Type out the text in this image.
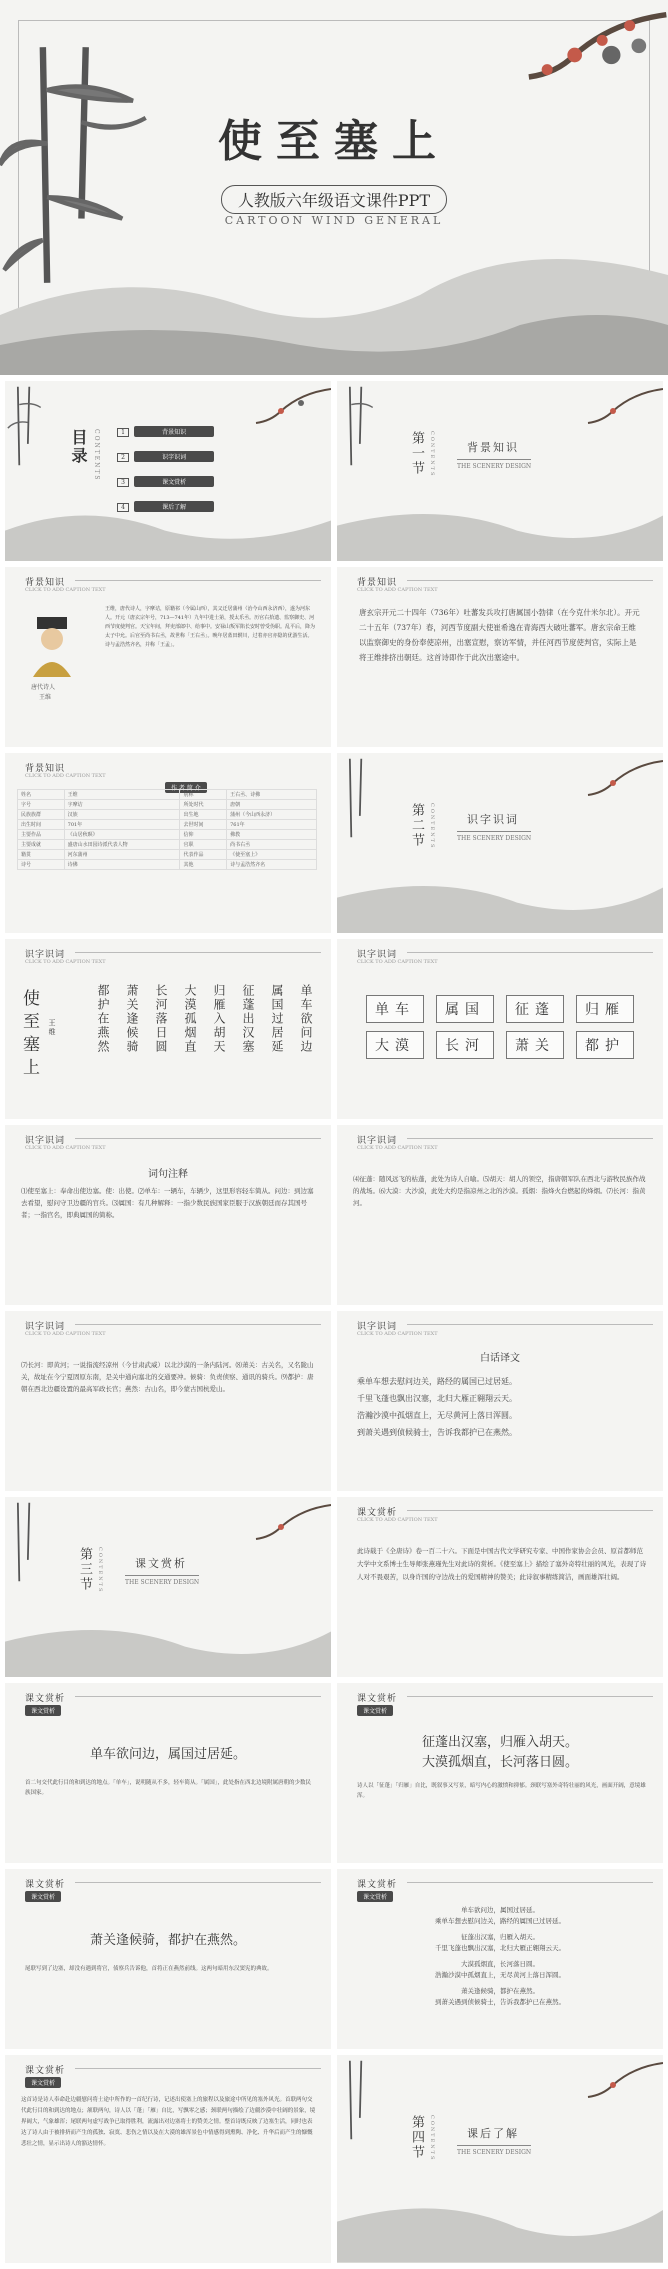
使至塞上
人教版六年级语文课件PPT
CARTOON WIND GENERAL
目录 CONTENTS	1	背景知识
2	识字识词
3	课文赏析
4	课后了解
第一节	CONTENTS	背景知识
THE SCENERY DESIGN
背景知识
CLICK TO ADD CAPTION TEXT
唐代诗人
王维
王维，唐代诗人，字摩诘，原籍祁（今属山西），其父迁居蒲州（治今山西永济西），遂为河东人。开元（唐玄宗年号，713—741年）九年中进士第，授太乐丞。历官右拾遗、监察御史、河西节度使判官。天宝年间，拜吏部郎中、给事中。安禄山叛军陷长安时曾受伪职。乱平后，降为太子中允。后官至尚书右丞，故世称「王右丞」。晚年居蓝田辋川，过着亦官亦隐的优游生活。诗与孟浩然齐名，并称「王孟」。
背景知识
CLICK TO ADD CAPTION TEXT
唐玄宗开元二十四年（736年）吐蕃发兵攻打唐属国小勃律（在今克什米尔北）。开元二十五年（737年）春，河西节度副大使崔希逸在青海西大破吐蕃军。唐玄宗命王维以监察御史的身份奉使凉州，出塞宣慰，察访军情，并任河西节度使判官，实际上是将王维排挤出朝廷。这首诗即作于此次出塞途中。
背景知识
CLICK TO ADD CAPTION TEXT
作 者 简 介
姓名	王维	别称	王右丞、诗佛
字号	字摩诘	所处时代	唐朝
民族族群	汉族	出生地	蒲州（今山西永济）
出生时间	701年	去世时间	761年
主要作品	《山居秋暝》	信仰	佛教
主要成就	盛唐山水田园诗派代表人物	官职	尚书右丞
籍贯	河东蒲州	代表作品	《使至塞上》
诗号	诗佛	其他	诗与孟浩然齐名
第二节	CONTENTS	识字识词
THE SCENERY DESIGN
识字识词
CLICK TO ADD CAPTION TEXT
使至塞上	王维	单车欲问边
属国过居延
征蓬出汉塞
归雁入胡天
大漠孤烟直
长河落日圆
萧关逢候骑
都护在燕然
识字识词
CLICK TO ADD CAPTION TEXT
单车 属国 征蓬 归雁 大漠 长河 萧关 都护
识字识词
CLICK TO ADD CAPTION TEXT
词句注释
⑴使至塞上：奉命出使边塞。使：出使。⑵单车：一辆车，车辆少，这里形容轻车简从。问边：到边塞去看望，慰问守卫边疆的官兵。⑶属国：有几种解释：一指少数民族国家臣服于汉族朝廷而存其国号者；一指官名，即典属国的简称。
识字识词
CLICK TO ADD CAPTION TEXT
⑷征蓬：随风远飞的枯蓬，此处为诗人自喻。⑸胡天：胡人的领空，指唐朝军队在西北与游牧民族作战的战场。⑹大漠：大沙漠，此处大约是指凉州之北的沙漠。孤烟：指烽火台燃起的烽烟。⑺长河：指黄河。
识字识词
CLICK TO ADD CAPTION TEXT
⑺长河：即黄河；一说指流经凉州（今甘肃武威）以北沙漠的一条内陆河。⑻萧关：古关名，又名陇山关，故址在今宁夏固原东南，是关中通向塞北的交通要冲。候骑：负责侦察、通讯的骑兵。⑼都护：唐朝在西北边疆设置的最高军政长官；燕然：古山名，即今蒙古国杭爱山。
识字识词
CLICK TO ADD CAPTION TEXT
白话译文
乘单车想去慰问边关，路经的属国已过居延。
千里飞蓬也飘出汉塞，北归大雁正翱翔云天。
浩瀚沙漠中孤烟直上，无尽黄河上落日浑圆。
到萧关遇到侦候骑士，告诉我都护已在燕然。
第三节	CONTENTS	课文赏析
THE SCENERY DESIGN
课文赏析
CLICK TO ADD CAPTION TEXT
此诗载于《全唐诗》卷一百二十六。下面是中国古代文学研究专家、中国作家协会会员、原首都师范大学中文系博士生导师张燕瑾先生对此诗的赏析。《使至塞上》描绘了塞外奇特壮丽的风光，表现了诗人对不畏艰苦，以身许国的守边战士的爱国精神的赞美；此诗叙事精练简洁，画面雄浑壮阔。
课文赏析
课文赏析
单车欲问边，属国过居延。
首二句交代此行目的和到达的地点。「单车」，说明随从不多，轻车简从。「属国」，此处指在西北边境附属唐朝的少数民族国家。
课文赏析
课文赏析
征蓬出汉塞，归雁入胡天。
大漠孤烟直，长河落日圆。
诗人以「征蓬」「归雁」自比，既叙事又写景，暗写内心的激愤和抑郁。颈联写塞外奇特壮丽的风光，画面开阔，意境雄浑。
课文赏析
课文赏析
萧关逢候骑，都护在燕然。
尾联写到了边塞，却没有遇到将官，侦察兵告诉他，首将正在燕然前线。这两句暗用东汉窦宪的典故。
课文赏析
课文赏析
单车欲问边，属国过居延。
乘单车想去慰问边关，路经的属国已过居延。
征蓬出汉塞，归雁入胡天。
千里飞蓬也飘出汉塞，北归大雁正翱翔云天。
大漠孤烟直，长河落日圆。
浩瀚沙漠中孤烟直上，无尽黄河上落日浑圆。
萧关逢候骑，都护在燕然。
到萧关遇到侦候骑士，告诉我都护已在燕然。
课文赏析
课文赏析
这首诗是诗人奉命赴边疆慰问将士途中所作的一首纪行诗，记述出使塞上的旅程以及旅途中所见的塞外风光。首联两句交代此行目的和到达的地点；颔联两句，诗人以「蓬」「雁」自比，写飘零之感；颈联两句描绘了边疆沙漠中壮阔的景象，境界阔大，气象雄浑；尾联两句虚写战争已取得胜利，流露出对边塞将士的赞美之情。整首诗既反映了边塞生活，同时也表达了诗人由于被排挤而产生的孤独、寂寞、悲伤之情以及在大漠的雄浑景色中情感得到熏陶、净化、升华后而产生的慷慨悲壮之情，显示出诗人的豁达情怀。	第四节	CONTENTS	课后了解
THE SCENERY DESIGN
